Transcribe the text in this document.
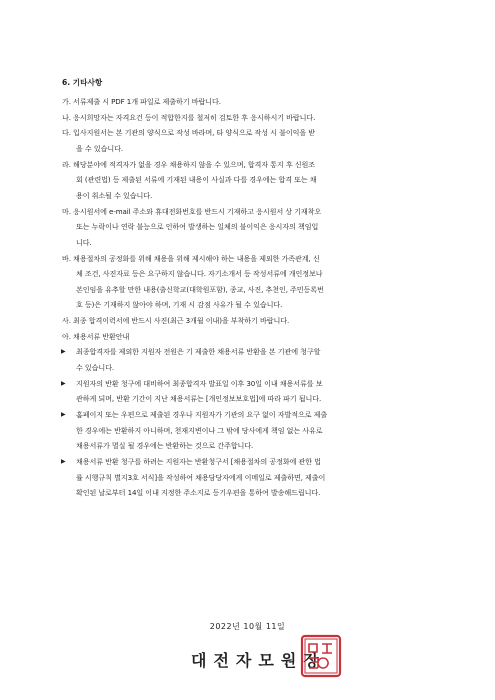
6. 기타사항
가. 서류제출 시 PDF 1개 파일로 제출하기 바랍니다.
나. 응시희망자는 자격요건 등이 적합한지를 철저히 검토한 후 응시하시기 바랍니다.
다. 입사지원서는 본 기관의 양식으로 작성 바라며, 타 양식으로 작성 시 불이익을 받
을 수 있습니다.
라. 해당분야에 적격자가 없을 경우 채용하지 않을 수 있으며, 합격자 통지 후 신원조
회 (관련법) 등 제출된 서류에 기재된 내용이 사실과 다를 경우에는 합격 또는 채
용이 취소될 수 있습니다.
마. 응시원서에 e-mail 주소와 휴대전화번호를 반드시 기재하고 응시원서 상 기재착오
또는 누락이나 연락 불능으로 인하여 발생하는 일체의 불이익은 응시자의 책임입
니다.
바. 채용절차의 공정화를 위해 채용을 위해 제시해야 하는 내용을 제외한 가족관계, 신
체 조건, 사진자료 등은 요구하지 않습니다. 자기소개서 등 작성서류에 개인정보나
본인임을 유추할 만한 내용(출신학교(대학원포함), 종교, 사진, 추천인, 주민등록번
호 등)은 기재하지 않아야 하며, 기재 시 감점 사유가 될 수 있습니다.
사. 최종 합격이력서에 반드시 사진(최근 3개월 이내)을 부착하기 바랍니다.
아. 채용서류 반환안내
최종합격자를 제외한 지원자 전원은 기 제출한 채용서류 반환을 본 기관에 청구할
▶
수 있습니다.
지원자의 반환 청구에 대비하여 최종합격자 발표일 이후 30일 이내 채용서류를 보
▶
관하게 되며, 반환 기간이 지난 채용서류는 [개인정보보호법]에 따라 파기 됩니다.
홈페이지 또는 우편으로 제출된 경우나 지원자가 기관의 요구 없이 자발적으로 제출
▶
한 경우에는 반환하지 아니하며, 천재지변이나 그 밖에 당사에게 책임 없는 사유로
채용서류가 멸실 될 경우에는 반환하는 것으로 간주합니다.
채용서류 반환 청구를 하려는 지원자는 반환청구서 [채용절차의 공정화에 관한 법
▶
률 시행규칙 별지3호 서식]을 작성하여 채용담당자에게 이메일로 제출하면, 제출이
확인된 날로부터 14일 이내 지정한 주소지로 등기우편을 통하여 발송해드립니다.
2022년 10월 11일
대전자모원장
